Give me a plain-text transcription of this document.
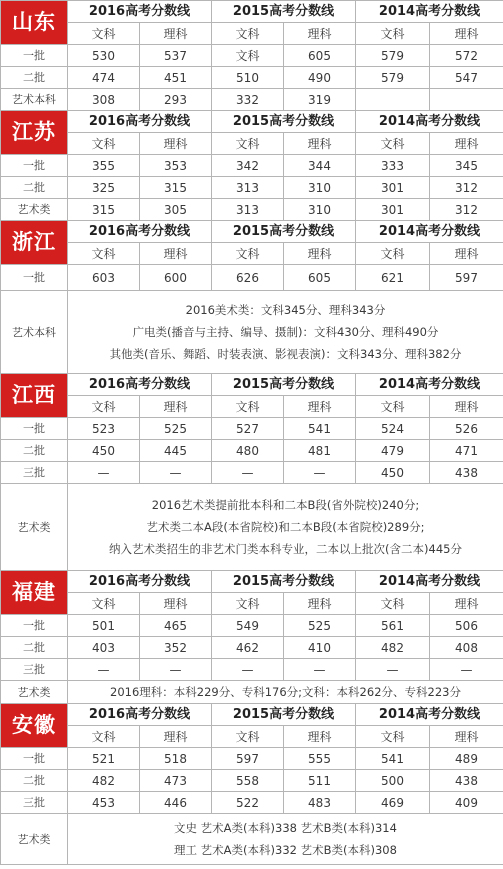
山东	2016高考分数线		2015高考分数线		2014高考分数线	
	文科	理科	文科	理科	文科	理科
一批	530	537	文科	605	579	572
二批	474	451	510	490	579	547
艺术本科	308	293	332	319		
江苏	2016高考分数线		2015高考分数线		2014高考分数线	
	文科	理科	文科	理科	文科	理科
一批	355	353	342	344	333	345
二批	325	315	313	310	301	312
艺术类	315	305	313	310	301	312
浙江	2016高考分数线		2015高考分数线		2014高考分数线	
	文科	理科	文科	理科	文科	理科
一批	603	600	626	605	621	597
艺术本科	2016美术类：文科345分、理科343分
广电类(播音与主持、编导、摄制)：文科430分、理科490分
其他类(音乐、舞蹈、时装表演、影视表演)：文科343分、理科382分					

江西	2016高考分数线		2015高考分数线		2014高考分数线	
	文科	理科	文科	理科	文科	理科
一批	523	525	527	541	524	526
二批	450	445	480	481	479	471
三批	—	—	—	—	450	438
艺术类	2016艺术类提前批本科和二本B段(省外院校)240分;
艺术类二本A段(本省院校)和二本B段(本省院校)289分;
纳入艺术类招生的非艺术门类本科专业，二本以上批次(含二本)445分					

福建	2016高考分数线		2015高考分数线		2014高考分数线	
	文科	理科	文科	理科	文科	理科
一批	501	465	549	525	561	506
二批	403	352	462	410	482	408
三批	—	—	—	—	—	—
艺术类	2016理科：本科229分、专科176分;文科：本科262分、专科223分					

安徽	2016高考分数线		2015高考分数线		2014高考分数线	
	文科	理科	文科	理科	文科	理科
一批	521	518	597	555	541	489
二批	482	473	558	511	500	438
三批	453	446	522	483	469	409
艺术类	文史 艺术A类(本科)338 艺术B类(本科)314
理工 艺术A类(本科)332 艺术B类(本科)308					
